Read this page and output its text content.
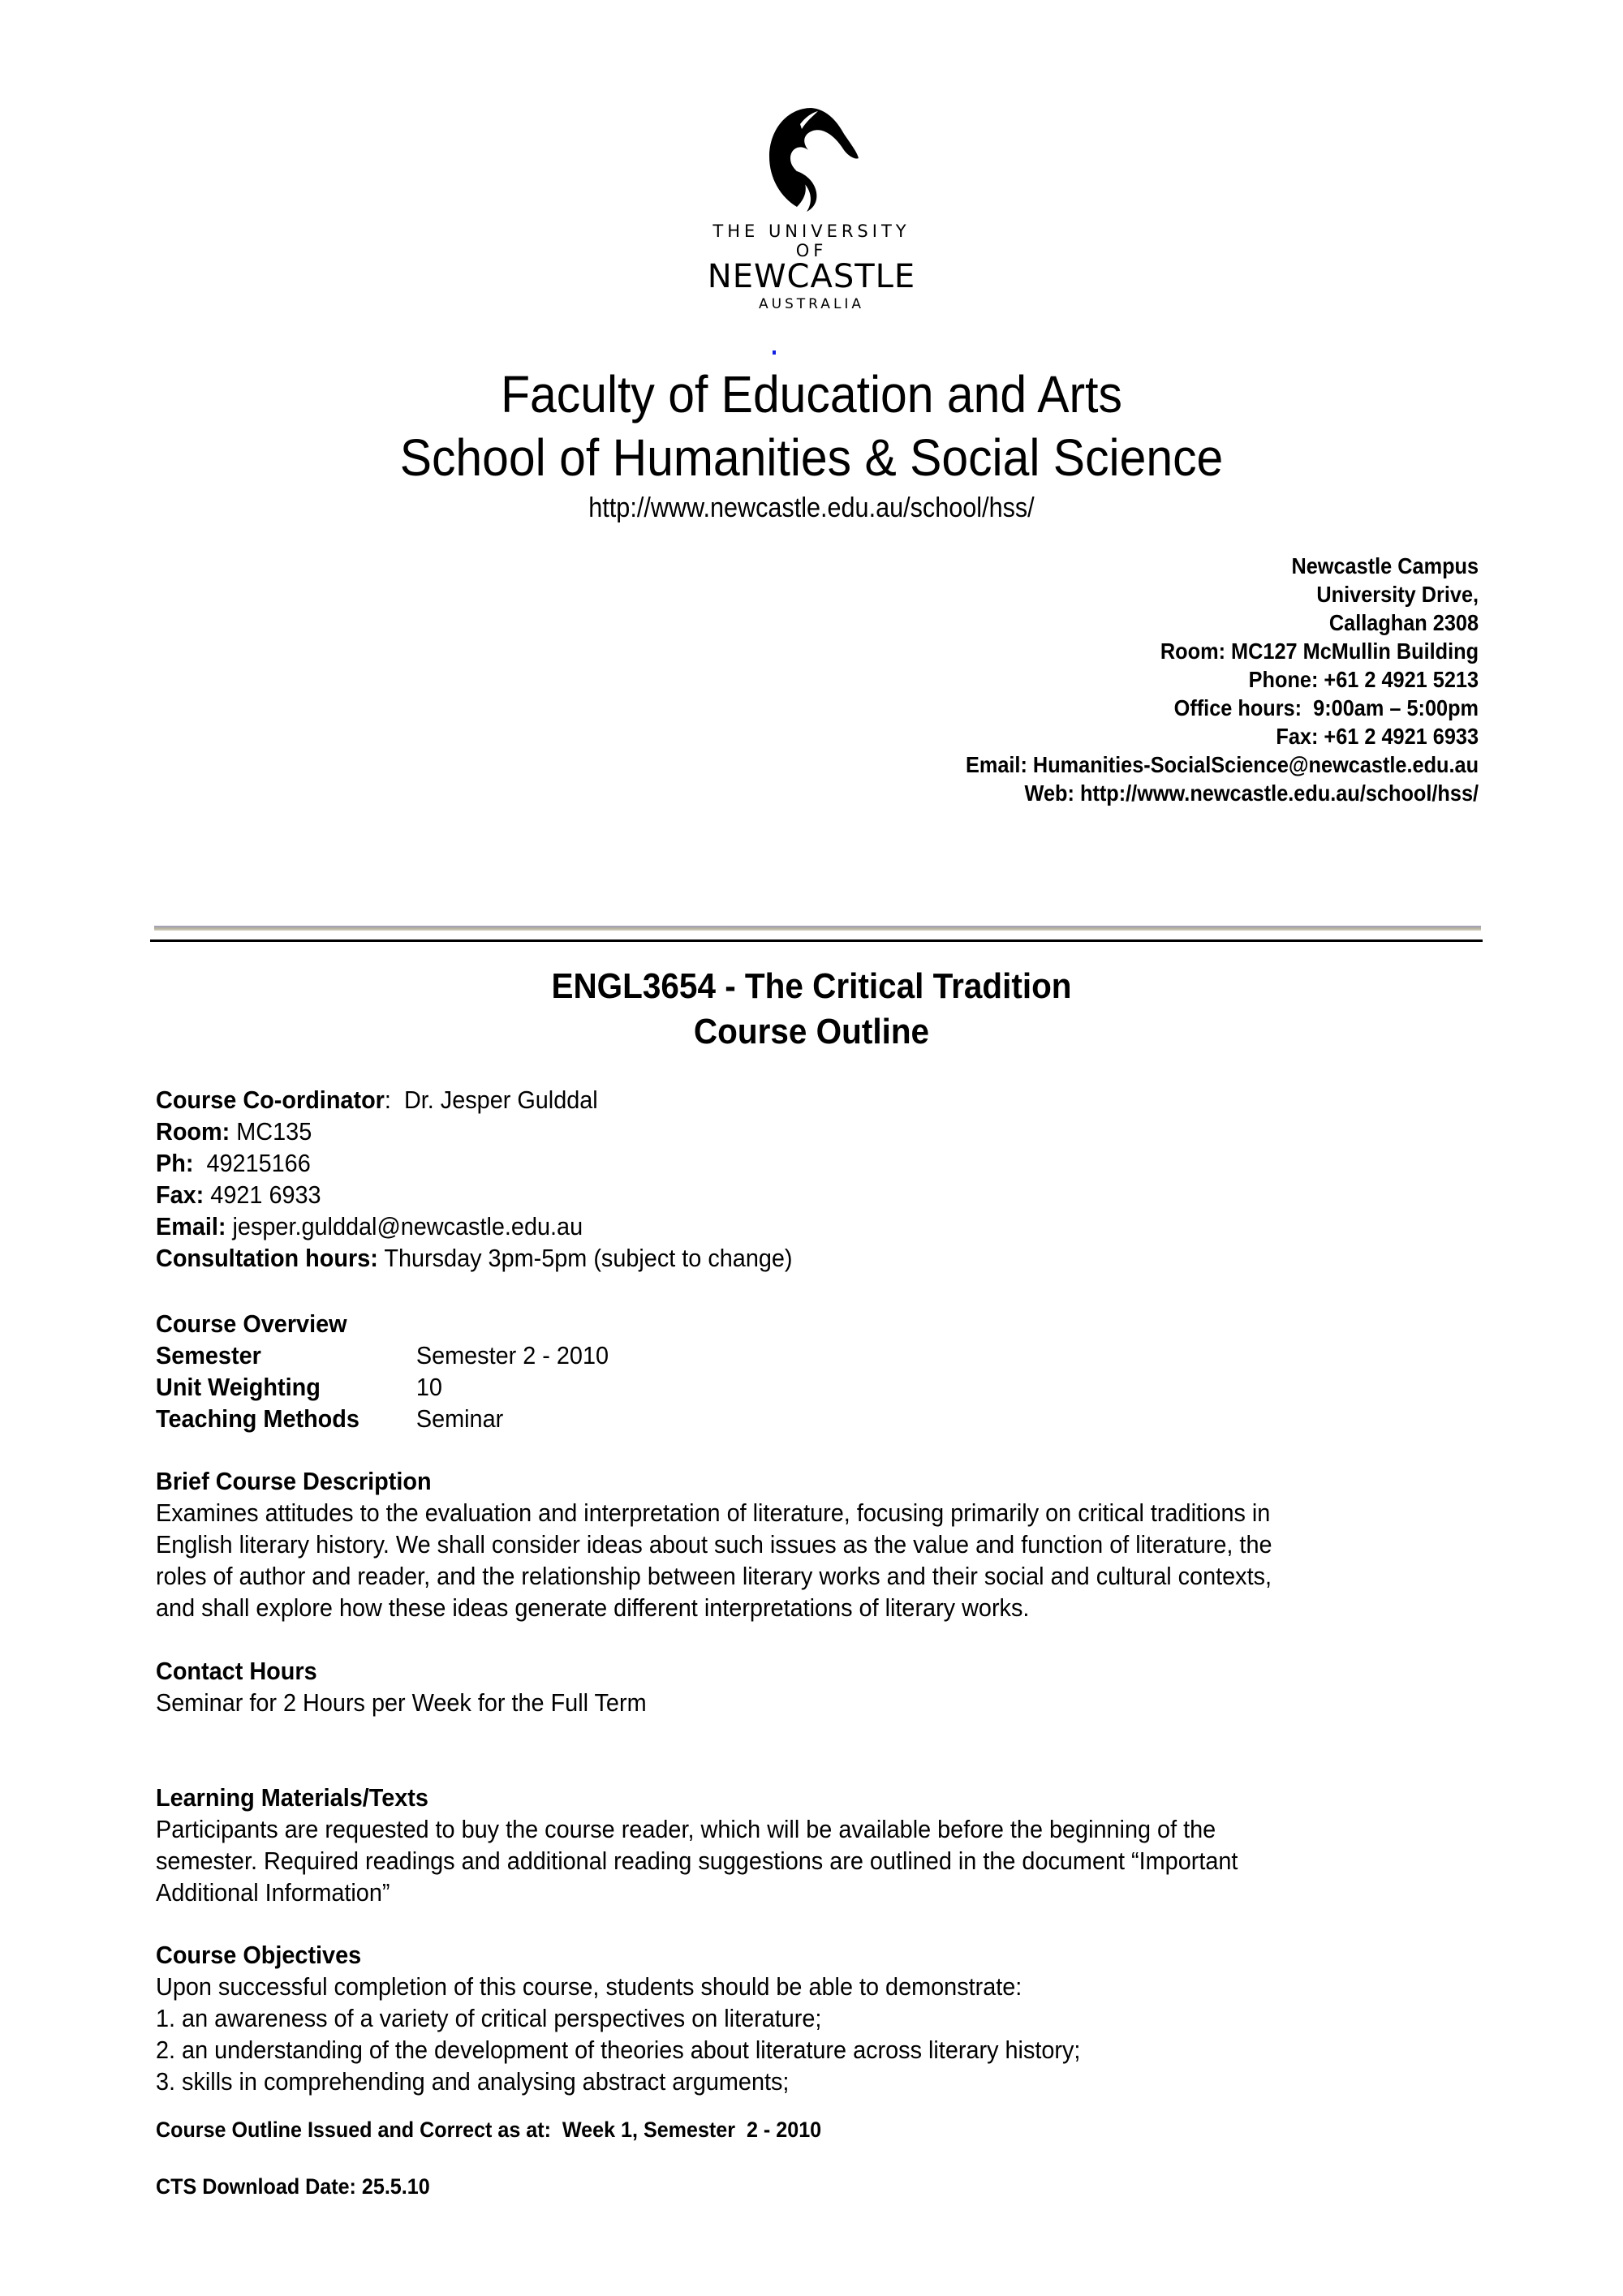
THE UNIVERSITY OF
NEWCASTLE
AUSTRALIA
Faculty of Education and Arts
School of Humanities & Social Science
http://www.newcastle.edu.au/school/hss/
Newcastle Campus
University Drive,
Callaghan 2308
Room: MC127 McMullin Building
Phone: +61 2 4921 5213
Office hours:  9:00am – 5:00pm
Fax: +61 2 4921 6933
Email: Humanities-SocialScience@newcastle.edu.au
Web: http://www.newcastle.edu.au/school/hss/
ENGL3654 - The Critical Tradition
Course Outline
Course Co-ordinator:  Dr. Jesper Gulddal
Room: MC135
Ph:  49215166
Fax: 4921 6933
Email: jesper.gulddal@newcastle.edu.au
Consultation hours: Thursday 3pm-5pm (subject to change)
Course Overview
Semester	Semester 2 - 2010
Unit Weighting	10
Teaching Methods	Seminar
Brief Course Description
Examines attitudes to the evaluation and interpretation of literature, focusing primarily on critical traditions in
English literary history. We shall consider ideas about such issues as the value and function of literature, the
roles of author and reader, and the relationship between literary works and their social and cultural contexts,
and shall explore how these ideas generate different interpretations of literary works.
Contact Hours
Seminar for 2 Hours per Week for the Full Term
Learning Materials/Texts
Participants are requested to buy the course reader, which will be available before the beginning of the
semester. Required readings and additional reading suggestions are outlined in the document “Important
Additional Information”
Course Objectives
Upon successful completion of this course, students should be able to demonstrate:
1. an awareness of a variety of critical perspectives on literature;
2. an understanding of the development of theories about literature across literary history;
3. skills in comprehending and analysing abstract arguments;
Course Outline Issued and Correct as at:  Week 1, Semester  2 - 2010
CTS Download Date: 25.5.10
